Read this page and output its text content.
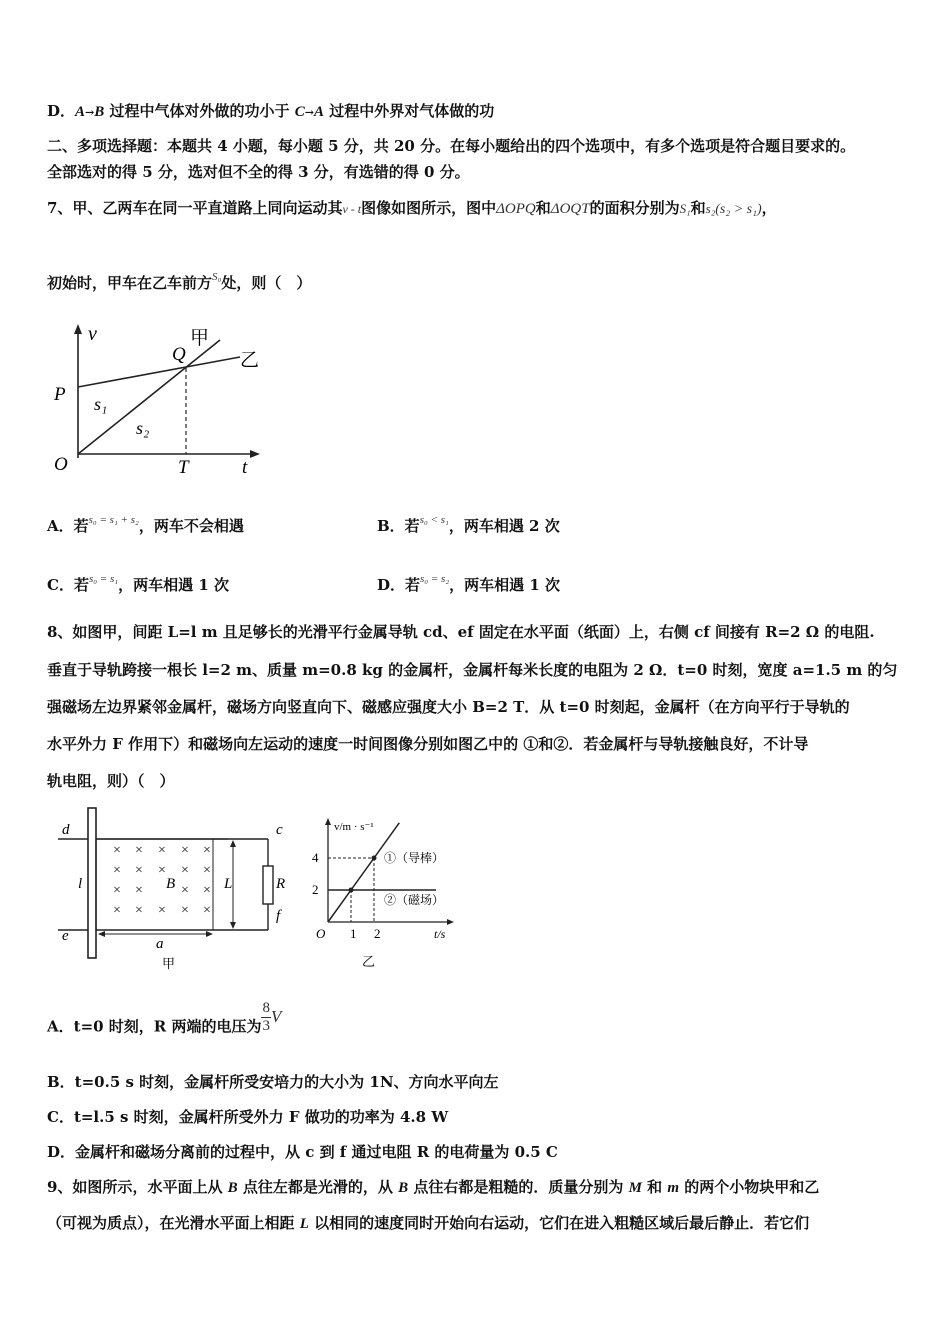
D．A→B 过程中气体对外做的功小于 C→A 过程中外界对气体做的功
二、多项选择题：本题共 4 小题，每小题 5 分，共 20 分。在每小题给出的四个选项中，有多个选项是符合题目要求的。
全部选对的得 5 分，选对但不全的得 3 分，有选错的得 0 分。
7、甲、乙两车在同一平直道路上同向运动其v - t图像如图所示，图中ΔOPQ和ΔOQT的面积分别为S₁和s₂(s₂ > s₁)，
初始时，甲车在乙车前方$^{S_0}$处，则（　）
v
P
Q
甲
乙
O	T	t
s₁
s₂
A．若$^{s_0 = s_1 + s_2}$，两车不会相遇	B．若$^{s_0 < s_1}$，两车相遇 2 次
C．若$^{s_0 = s_1}$，两车相遇 1 次	D．若$^{s_0 = s_2}$，两车相遇 1 次
8、如图甲，间距 L=l m 且足够长的光滑平行金属导轨 cd、ef 固定在水平面（纸面）上，右侧 cf 间接有 R=2 Ω 的电阻.
垂直于导轨跨接一根长 l=2 m、质量 m=0.8 kg 的金属杆，金属杆每米长度的电阻为 2 Ω．t=0 时刻，宽度 a=1.5 m 的匀
强磁场左边界紧邻金属杆，磁场方向竖直向下、磁感应强度大小 B=2 T．从 t=0 时刻起，金属杆（在方向平行于导轨的
水平外力 F 作用下）和磁场向左运动的速度一时间图像分别如图乙中的 ①和②．若金属杆与导轨接触良好，不计导
轨电阻，则）（　）
× × × × ×
× × × × ×
× ×	× ×
× × × × ×
d	c
e
f
l	B	L	R
a
甲
v/m · s⁻¹
4
2
O 1 2	t/s
①（导棒）
②（磁场）
乙
A．t=0 时刻，R 两端的电压为 $\frac{8}{3}$ V
B．t=0.5 s 时刻，金属杆所受安培力的大小为 1N、方向水平向左
C．t=l.5 s 时刻，金属杆所受外力 F 做功的功率为 4.8 W
D．金属杆和磁场分离前的过程中，从 c 到 f 通过电阻 R 的电荷量为 0.5 C
9、如图所示，水平面上从 B 点往左都是光滑的，从 B 点往右都是粗糙的．质量分别为 M 和 m 的两个小物块甲和乙
（可视为质点），在光滑水平面上相距 L 以相同的速度同时开始向右运动，它们在进入粗糙区域后最后静止．若它们
